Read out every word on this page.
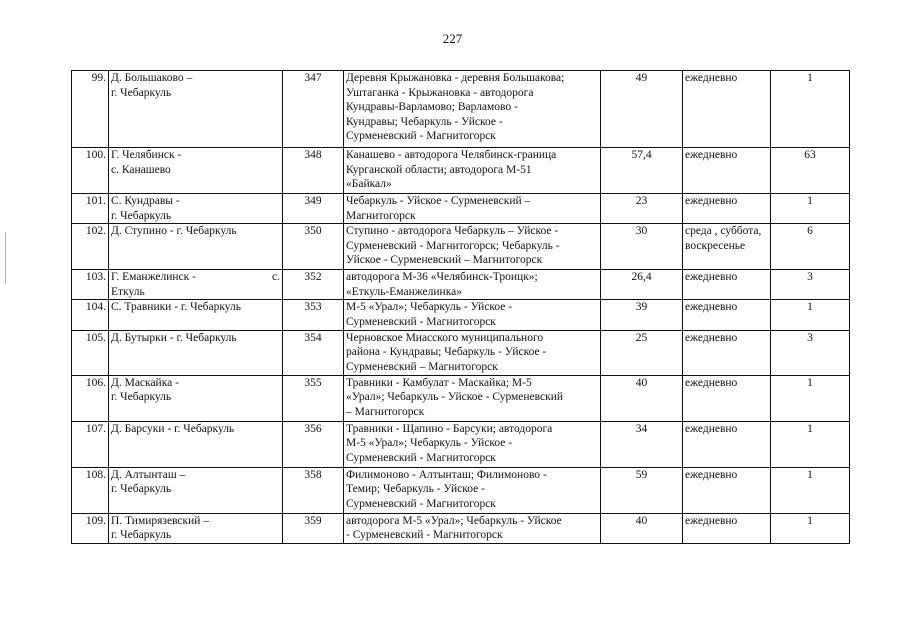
227
99.	Д. Большаково –
г. Чебаркуль	347	Деревня Крыжановка - деревня Большакова;
Уштаганка - Крыжановка - автодорога
Кундравы-Варламово; Варламово -
Кундравы; Чебаркуль - Уйское -
Сурменевский - Магнитогорск	49	ежедневно	1
100.	Г. Челябинск -
с. Канашево	348	Канашево - автодорога Челябинск-граница
Курганской области; автодорога М-51
«Байкал»	57,4	ежедневно	63
101.	С. Кундравы -
г. Чебаркуль	349	Чебаркуль - Уйское - Сурменевский –
Магнитогорск	23	ежедневно	1
102.	Д. Ступино - г. Чебаркуль	350	Ступино - автодорога Чебаркуль – Уйское -
Сурменевский - Магнитогорск; Чебаркуль -
Уйское - Сурменевский – Магнитогорск	30	среда , суббота,
воскресенье	6
103.	Г. Еманжелинск - с.
Еткуль	352	автодорога М-36 «Челябинск-Троицк»;
«Еткуль-Еманжелинка»	26,4	ежедневно	3
104.	С. Травники - г. Чебаркуль	353	М-5 «Урал»; Чебаркуль - Уйское -
Сурменевский - Магнитогорск	39	ежедневно	1
105.	Д. Бутырки - г. Чебаркуль	354	Черновское Миасского муниципального
района - Кундравы; Чебаркуль - Уйское -
Сурменевский – Магнитогорск	25	ежедневно	3
106.	Д. Маскайка -
г. Чебаркуль	355	Травники - Камбулат - Маскайка; М-5
«Урал»; Чебаркуль - Уйское - Сурменевский
– Магнитогорск	40	ежедневно	1
107.	Д. Барсуки - г. Чебаркуль	356	Травники - Щапино - Барсуки; автодорога
М-5 «Урал»; Чебаркуль - Уйское -
Сурменевский - Магнитогорск	34	ежедневно	1
108.	Д. Алтынташ –
г. Чебаркуль	358	Филимоново - Алтынташ; Филимоново -
Темир; Чебаркуль - Уйское -
Сурменевский - Магнитогорск	59	ежедневно	1
109.	П. Тимирязевский –
г. Чебаркуль	359	автодорога М-5 «Урал»; Чебаркуль - Уйское
- Сурменевский - Магнитогорск	40	ежедневно	1
